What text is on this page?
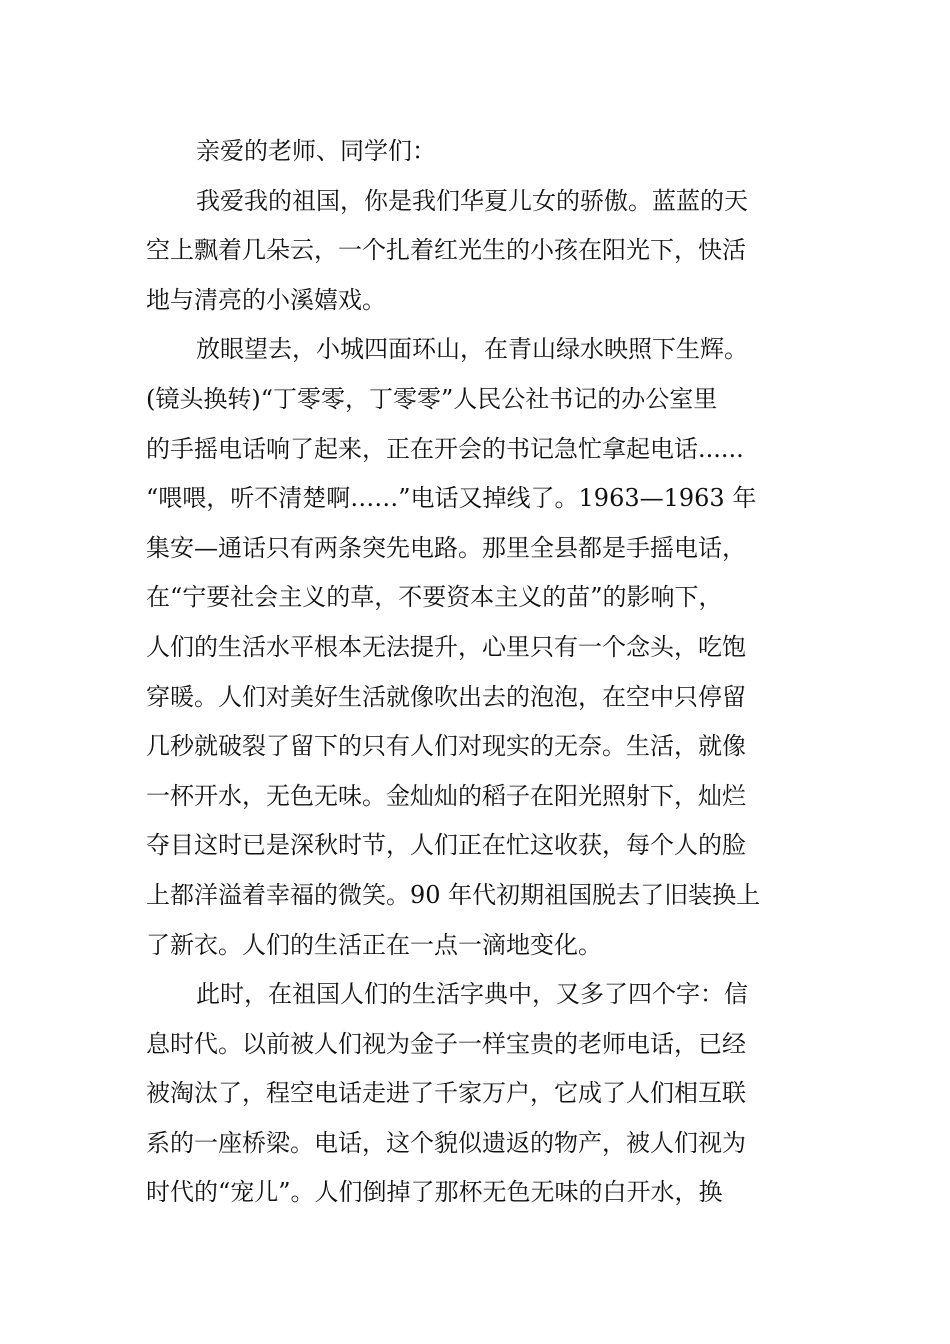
亲爱的老师、同学们：

我爱我的祖国，你是我们华夏儿女的骄傲。蓝蓝的天
空上飘着几朵云，一个扎着红光生的小孩在阳光下，快活
地与清亮的小溪嬉戏。

放眼望去，小城四面环山，在青山绿水映照下生辉。
(镜头换转)“丁零零，丁零零”人民公社书记的办公室里
的手摇电话响了起来，正在开会的书记急忙拿起电话......
“喂喂，听不清楚啊……”电话又掉线了。1963—1963 年
集安—通话只有两条突先电路。那里全县都是手摇电话，
在“宁要社会主义的草，不要资本主义的苗”的影响下，
人们的生活水平根本无法提升，心里只有一个念头，吃饱
穿暖。人们对美好生活就像吹出去的泡泡，在空中只停留
几秒就破裂了留下的只有人们对现实的无奈。生活，就像
一杯开水，无色无味。金灿灿的稻子在阳光照射下，灿烂
夺目这时已是深秋时节，人们正在忙这收获，每个人的脸
上都洋溢着幸福的微笑。90 年代初期祖国脱去了旧装换上
了新衣。人们的生活正在一点一滴地变化。

此时，在祖国人们的生活字典中，又多了四个字：信
息时代。以前被人们视为金子一样宝贵的老师电话，已经
被淘汰了，程空电话走进了千家万户，它成了人们相互联
系的一座桥梁。电话，这个貌似遗返的物产，被人们视为
时代的“宠儿”。人们倒掉了那杯无色无味的白开水，换
